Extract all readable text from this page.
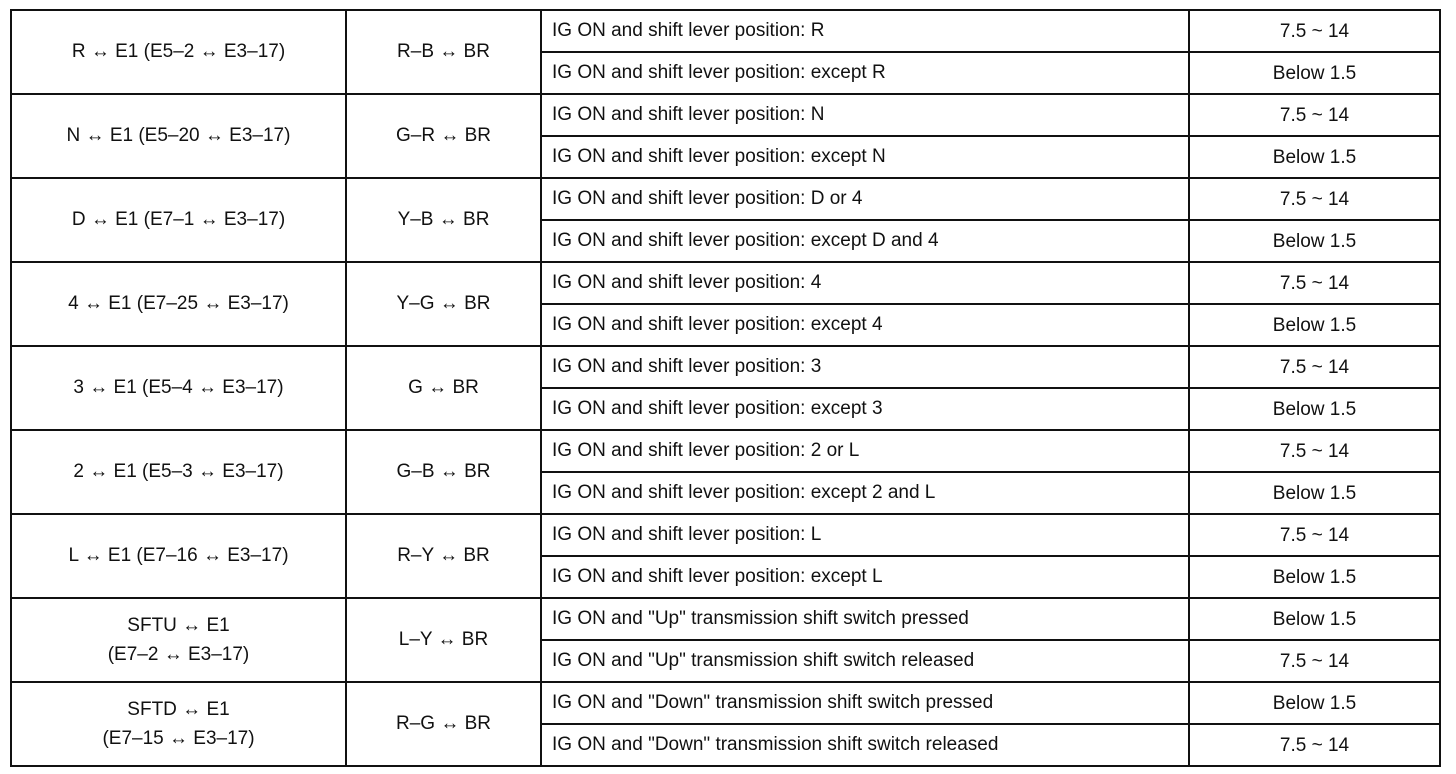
R ↔ E1 (E5–2 ↔ E3–17)	R–B ↔ BR	IG ON and shift lever position: R	7.5 ~ 14
		IG ON and shift lever position: except R	Below 1.5

N ↔ E1 (E5–20 ↔ E3–17)	G–R ↔ BR	IG ON and shift lever position: N	7.5 ~ 14
		IG ON and shift lever position: except N	Below 1.5

D ↔ E1 (E7–1 ↔ E3–17)	Y–B ↔ BR	IG ON and shift lever position: D or 4	7.5 ~ 14
		IG ON and shift lever position: except D and 4	Below 1.5

4 ↔ E1 (E7–25 ↔ E3–17)	Y–G ↔ BR	IG ON and shift lever position: 4	7.5 ~ 14
		IG ON and shift lever position: except 4	Below 1.5

3 ↔ E1 (E5–4 ↔ E3–17)	G ↔ BR	IG ON and shift lever position: 3	7.5 ~ 14
		IG ON and shift lever position: except 3	Below 1.5

2 ↔ E1 (E5–3 ↔ E3–17)	G–B ↔ BR	IG ON and shift lever position: 2 or L	7.5 ~ 14
		IG ON and shift lever position: except 2 and L	Below 1.5

L ↔ E1 (E7–16 ↔ E3–17)	R–Y ↔ BR	IG ON and shift lever position: L	7.5 ~ 14
		IG ON and shift lever position: except L	Below 1.5

SFTU ↔ E1
(E7–2 ↔ E3–17)	L–Y ↔ BR	IG ON and "Up" transmission shift switch pressed	Below 1.5
		IG ON and "Up" transmission shift switch released	7.5 ~ 14

SFTD ↔ E1
(E7–15 ↔ E3–17)	R–G ↔ BR	IG ON and "Down" transmission shift switch pressed	Below 1.5
		IG ON and "Down" transmission shift switch released	7.5 ~ 14
